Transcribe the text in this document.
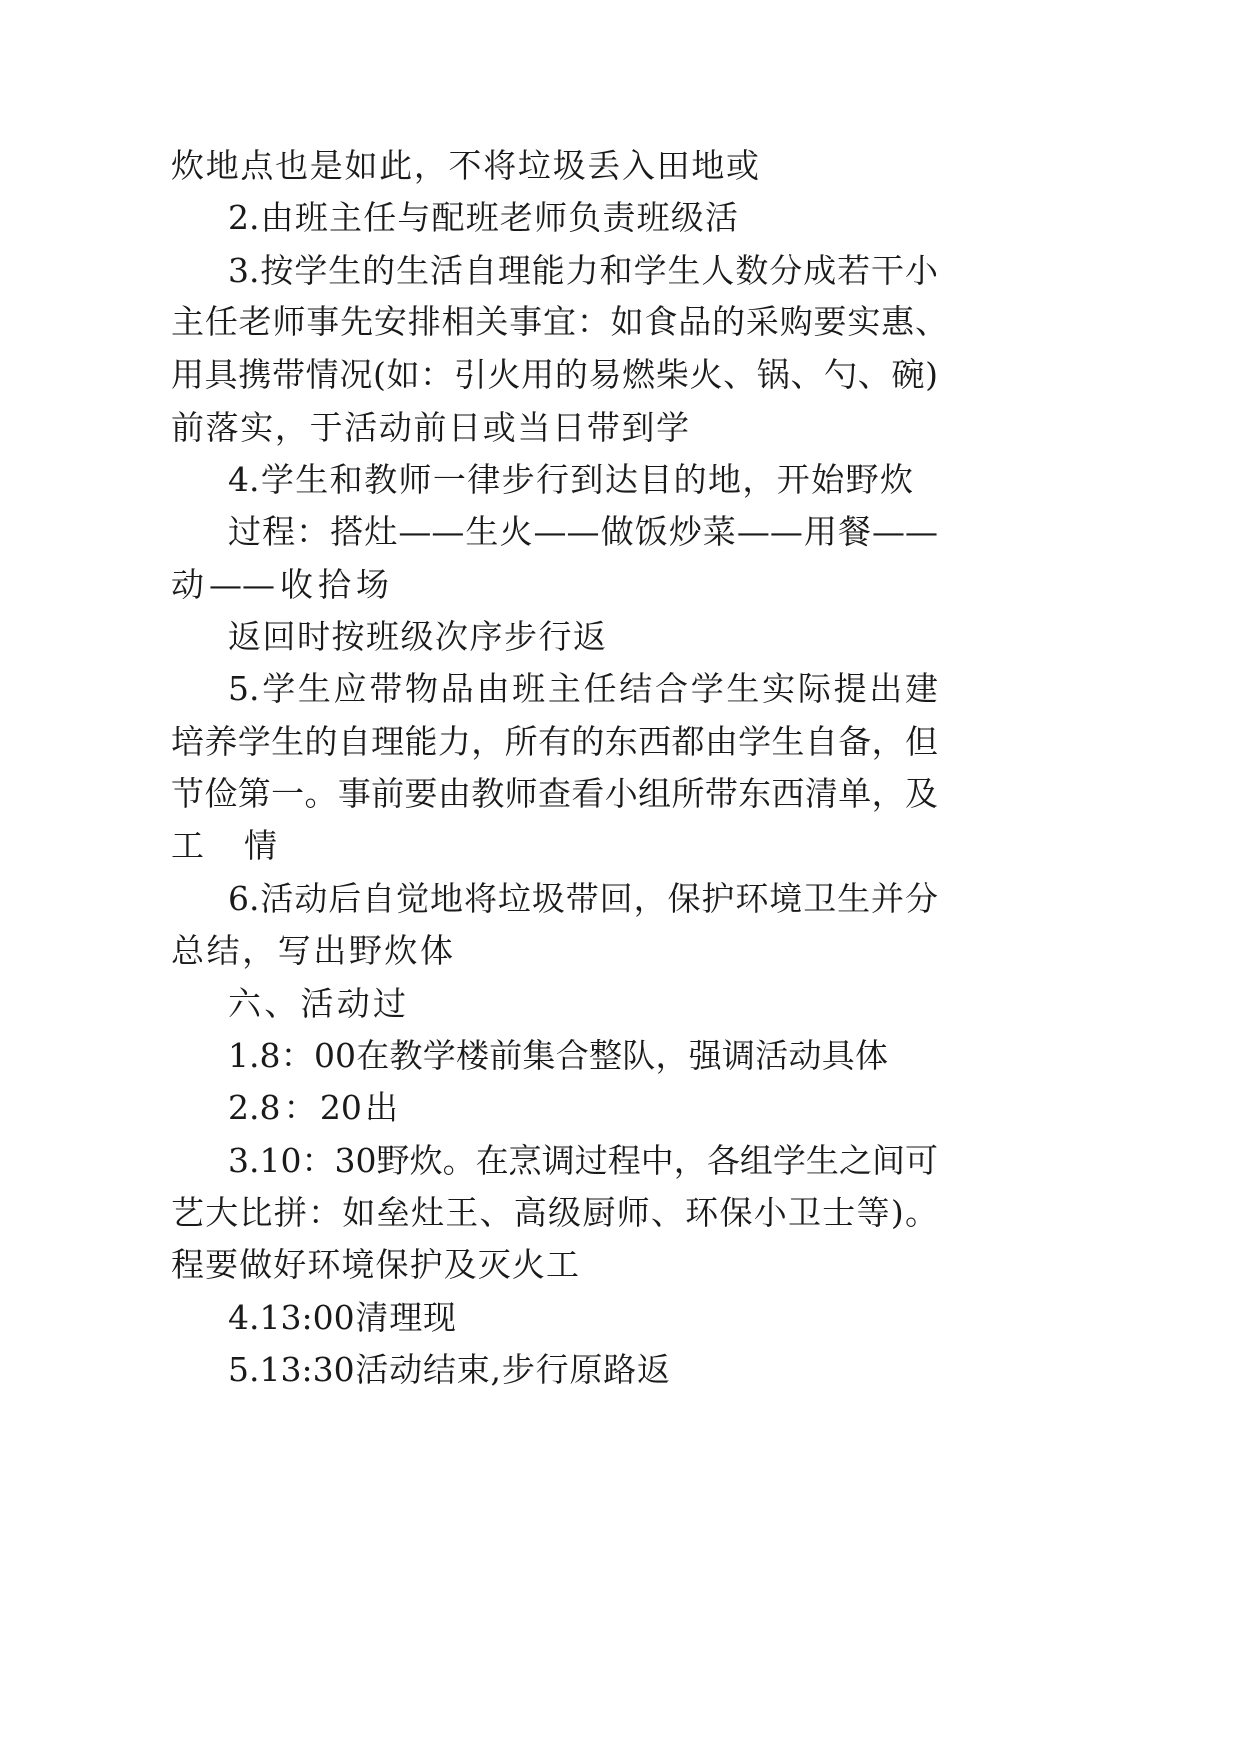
炊地点也是如此，不将垃圾丢入田地或
2.由班主任与配班老师负责班级活
3.按学生的生活自理能力和学生人数分成若干小
主任老师事先安排相关事宜：如食品的采购要实惠、
用具携带情况(如：引火用的易燃柴火、锅、勺、碗)
前落实，于活动前日或当日带到学
4.学生和教师一律步行到达目的地，开始野炊
过程：搭灶——生火——做饭炒菜——用餐——
动——收拾场
返回时按班级次序步行返
5.学生应带物品由班主任结合学生实际提出建
培养学生的自理能力，所有的东西都由学生自备，但
节俭第一。事前要由教师查看小组所带东西清单，及
工情
6.活动后自觉地将垃圾带回，保护环境卫生并分
总结，写出野炊体
六、活动过
1.8：00在教学楼前集合整队，强调活动具体
2.8：20出
3.10：30野炊。在烹调过程中，各组学生之间可
艺大比拼：如垒灶王、高级厨师、环保小卫士等)。
程要做好环境保护及灭火工
4.13:00清理现
5.13:30活动结束,步行原路返
